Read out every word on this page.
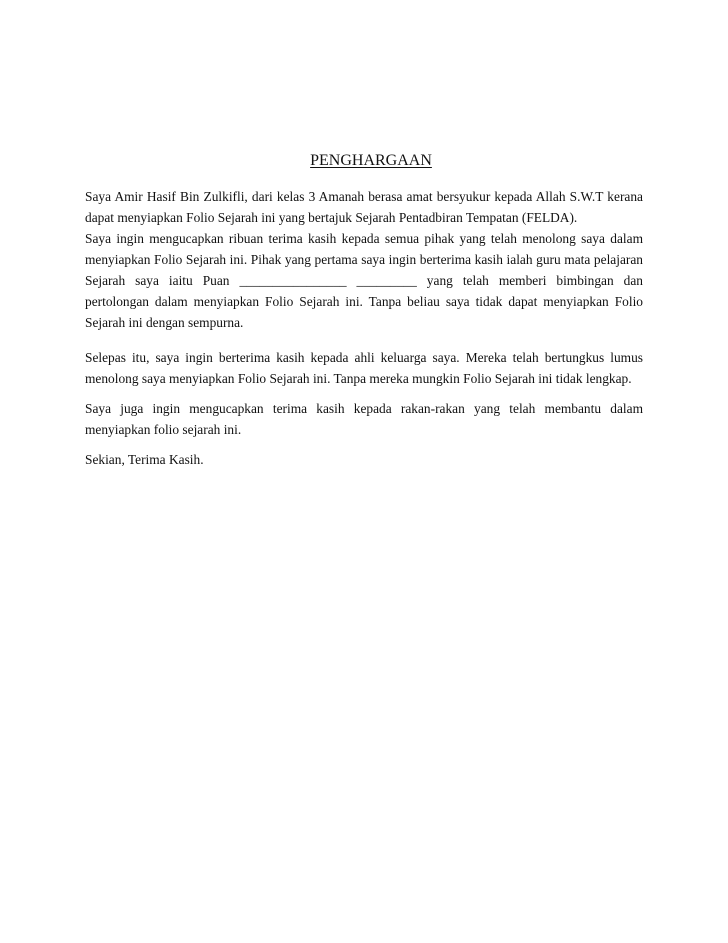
PENGHARGAAN

Saya Amir Hasif Bin Zulkifli, dari kelas 3 Amanah berasa amat bersyukur kepada Allah S.W.T kerana dapat menyiapkan Folio Sejarah ini yang bertajuk Sejarah Pentadbiran Tempatan (FELDA).

Saya ingin mengucapkan ribuan terima kasih kepada semua pihak yang telah menolong saya dalam menyiapkan Folio Sejarah ini. Pihak yang pertama saya ingin berterima kasih ialah guru mata pelajaran Sejarah saya iaitu Puan ________________ _________ yang telah memberi bimbingan dan pertolongan dalam menyiapkan Folio Sejarah ini. Tanpa beliau saya tidak dapat menyiapkan Folio Sejarah ini dengan sempurna.

Selepas itu, saya ingin berterima kasih kepada ahli keluarga saya. Mereka telah bertungkus lumus menolong saya menyiapkan Folio Sejarah ini. Tanpa mereka mungkin Folio Sejarah ini tidak lengkap.

Saya juga ingin mengucapkan terima kasih kepada rakan-rakan yang telah membantu dalam menyiapkan folio sejarah ini.

Sekian, Terima Kasih.
